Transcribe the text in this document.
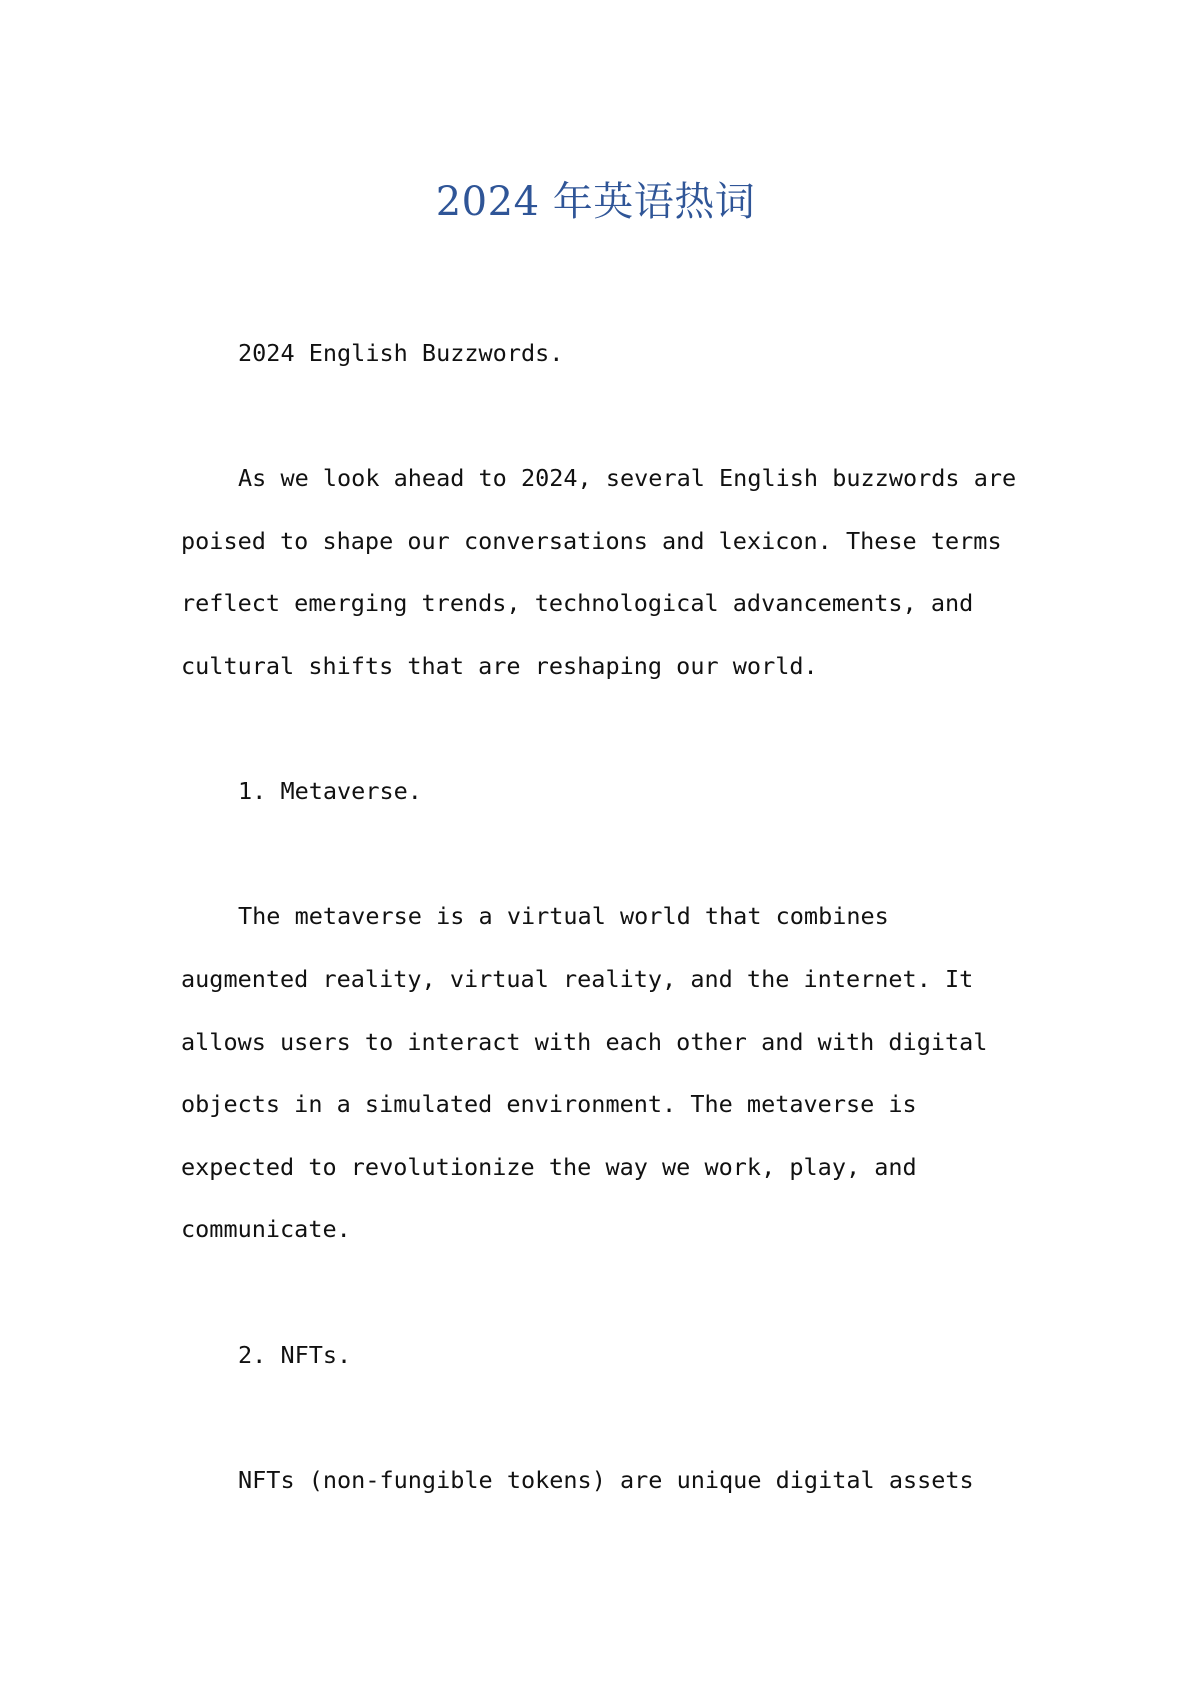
2024 年英语热词

2024 English Buzzwords.

As we look ahead to 2024, several English buzzwords are poised to shape our conversations and lexicon. These terms reflect emerging trends, technological advancements, and cultural shifts that are reshaping our world.

1. Metaverse.

The metaverse is a virtual world that combines augmented reality, virtual reality, and the internet. It allows users to interact with each other and with digital objects in a simulated environment. The metaverse is expected to revolutionize the way we work, play, and communicate.

2. NFTs.

NFTs (non-fungible tokens) are unique digital assets
